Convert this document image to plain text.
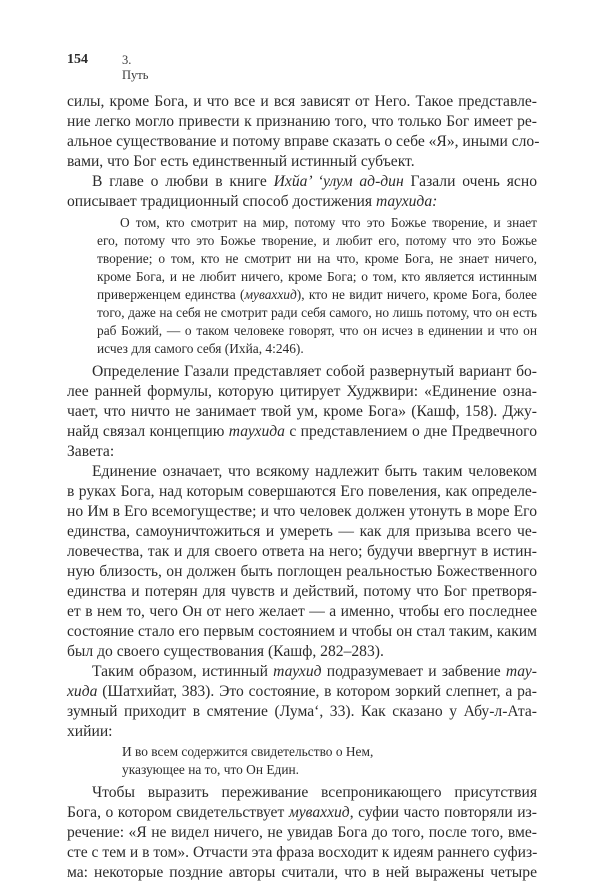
154	3. Путь
силы, кроме Бога, и что все и вся зависят от Него. Такое представле-
ние легко могло привести к признанию того, что только Бог имеет ре-
альное существование и потому вправе сказать о себе «Я», иными сло-
вами, что Бог есть единственный истинный субъект.
В главе о любви в книге Ихйа’ ‘улум ад-дин Газали очень ясно
описывает традиционный способ достижения таухида:
О том, кто смотрит на мир, потому что это Божье творение, и знает
его, потому что это Божье творение, и любит его, потому что это Божье
творение; о том, кто не смотрит ни на что, кроме Бога, не знает ничего,
кроме Бога, и не любит ничего, кроме Бога; о том, кто является истинным
приверженцем единства (муваххид), кто не видит ничего, кроме Бога, более
того, даже на себя не смотрит ради себя самого, но лишь потому, что он есть
раб Божий, — о таком человеке говорят, что он исчез в единении и что он
исчез для самого себя (Ихйа, 4:246).
Определение Газали представляет собой развернутый вариант бо-
лее ранней формулы, которую цитирует Худжвири: «Единение озна-
чает, что ничто не занимает твой ум, кроме Бога» (Кашф, 158). Джу-
найд связал концепцию таухида с представлением о дне Предвечного
Завета:
Единение означает, что всякому надлежит быть таким человеком
в руках Бога, над которым совершаются Его повеления, как определе-
но Им в Его всемогуществе; и что человек должен утонуть в море Его
единства, самоуничтожиться и умереть — как для призыва всего че-
ловечества, так и для своего ответа на него; будучи ввергнут в истин-
ную близость, он должен быть поглощен реальностью Божественного
единства и потерян для чувств и действий, потому что Бог претворя-
ет в нем то, чего Он от него желает — а именно, чтобы его последнее
состояние стало его первым состоянием и чтобы он стал таким, каким
был до своего существования (Кашф, 282–283).
Таким образом, истинный таухид подразумевает и забвение тау-
хида (Шатхийат, 383). Это состояние, в котором зоркий слепнет, а ра-
зумный приходит в смятение (Лума‘, 33). Как сказано у Абу-л-Ата-
хийии:
И во всем содержится свидетельство о Нем,
указующее на то, что Он Един.
Чтобы выразить переживание всепроникающего присутствия
Бога, о котором свидетельствует муваххид, суфии часто повторяли из-
речение: «Я не видел ничего, не увидав Бога до того, после того, вме-
сте с тем и в том». Отчасти эта фраза восходит к идеям раннего суфиз-
ма: некоторые поздние авторы считали, что в ней выражены четыре
